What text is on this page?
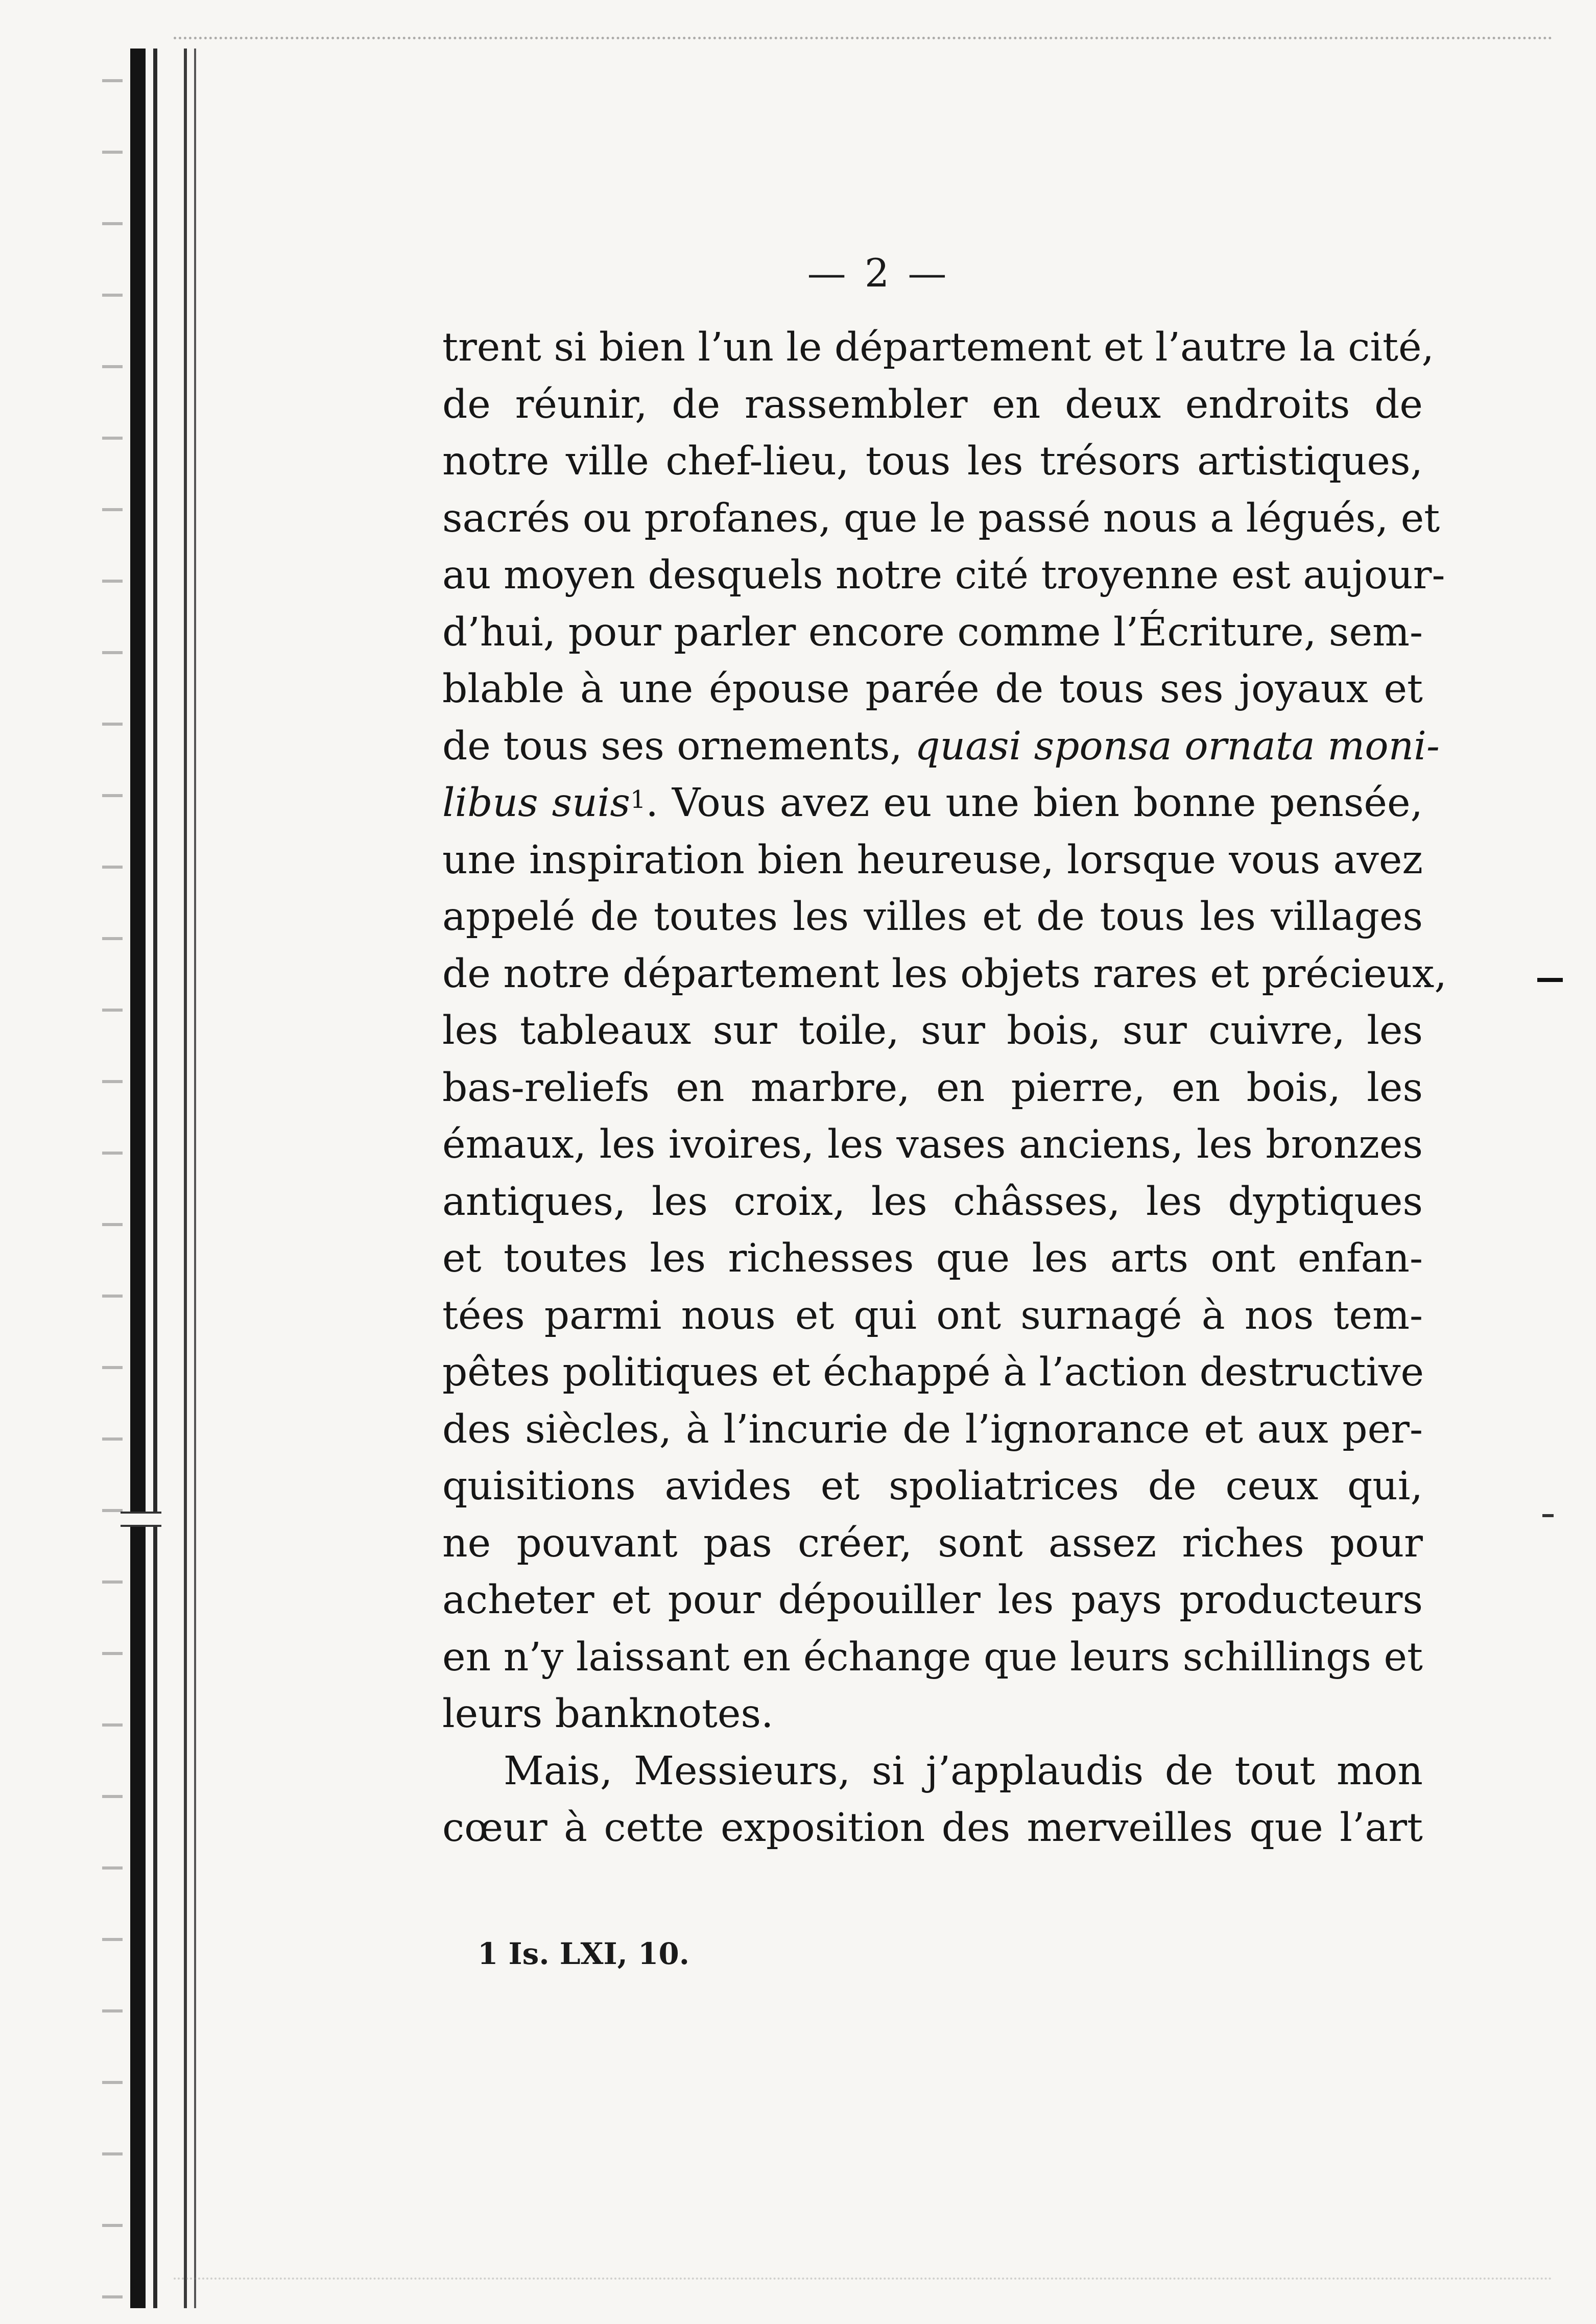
— 2 —
trent si bien l’un le département et l’autre la cité,
de réunir, de rassembler en deux endroits de
notre ville chef-lieu, tous les trésors artistiques,
sacrés ou profanes, que le passé nous a légués, et
au moyen desquels notre cité troyenne est aujour-
d’hui, pour parler encore comme l’Écriture, sem-
blable à une épouse parée de tous ses joyaux et
de tous ses ornements, quasi sponsa ornata moni-
libus suis$^1$. Vous avez eu une bien bonne pensée,
une inspiration bien heureuse, lorsque vous avez
appelé de toutes les villes et de tous les villages
de notre département les objets rares et précieux,
les tableaux sur toile, sur bois, sur cuivre, les
bas-reliefs en marbre, en pierre, en bois, les
émaux, les ivoires, les vases anciens, les bronzes
antiques, les croix, les châsses, les dyptiques
et toutes les richesses que les arts ont enfan-
tées parmi nous et qui ont surnagé à nos tem-
pêtes politiques et échappé à l’action destructive
des siècles, à l’incurie de l’ignorance et aux per-
quisitions avides et spoliatrices de ceux qui,
ne pouvant pas créer, sont assez riches pour
acheter et pour dépouiller les pays producteurs
en n’y laissant en échange que leurs schillings et
leurs banknotes.
Mais, Messieurs, si j’applaudis de tout mon
cœur à cette exposition des merveilles que l’art
1 Is. LXI, 10.
